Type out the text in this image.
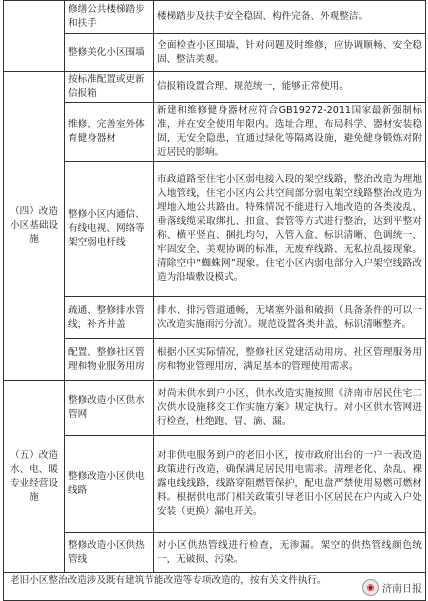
	修缮公共楼梯踏步和扶手	楼梯踏步及扶手安全稳固、构件完备、外观整洁。
	整修美化小区围墙	全面检查小区围墙，针对问题及时维修，应协调顺畅、安全稳固、整洁美观。
（四）改造小区基础设施	按标准配置或更新信报箱	信报箱设置合理、规范统一，能够正常使用。
	维修、完善室外体育健身器材	新建和维修健身器材应符合GB19272-2011国家最新强制标准，并在安全使用年限内。选址合理、布局科学、器材安装稳固，无安全隐患，宜通过绿化等隔离设施，避免健身锻炼对附近居民的影响。
	整修小区内通信、有线电视、网络等架空弱电杆线	市政道路至住宅小区弱电接入段的架空线路，整治改造为埋地入地管线，住宅小区内公共空间部分弱电架空线路整治改造为埋地入地公共路由。特殊情况不能进行入地改造的各类凌乱、垂落线缆采取绑扎、扣盒、套管等方式进行整治，达到平整对称、横平竖直、捆扎均匀，入管入盒、标识清晰、色调统一、牢固安全、美观协调的标准，无废弃线路、无私拉乱接现象。清除空中“蜘蛛网”现象。住宅小区内弱电部分入户架空线路改造为沿墙敷设模式。
	疏通、整修排水管线，补齐井盖	排水、排污管道通畅，无堵塞外溢和破损（具备条件的可以一次改造实施雨污分流）。规范设置各类井盖，标识清晰整齐。
	配置、整修社区管理和物业服务用房	根据小区实际情况，整修社区党建活动用房、社区管理服务用房和物业管理用房，满足基本的管理使用需求。
（五）改造水、电、暖专业经营设施	整修改造小区供水管网	对尚未供水到户小区，供水改造实施按照《济南市居民住宅二次供水设施移交工作实施方案》规定执行。对小区供水管网进行检查，杜绝跑、冒、滴、漏。
	整修改造小区供电线路	对非供电服务到户的老旧小区，按市政府出台的一户一表改造政策进行改造，确保满足居民用电需求。清理老化、杂乱、裸露电线线路，线路穿阻燃管保护，配电盘严禁使用易燃可燃材料。根据供电部门相关政策引导老旧小区居民在户内或入户处安装（更换）漏电开关。
	整修改造小区供热管线	对小区供热管线进行检查，无渗漏。架空的供热管线颜色统一，无破损、污染。
老旧小区整治改造涉及既有建筑节能改造等专项改造的，按有关文件执行。
◉ 济南日报
